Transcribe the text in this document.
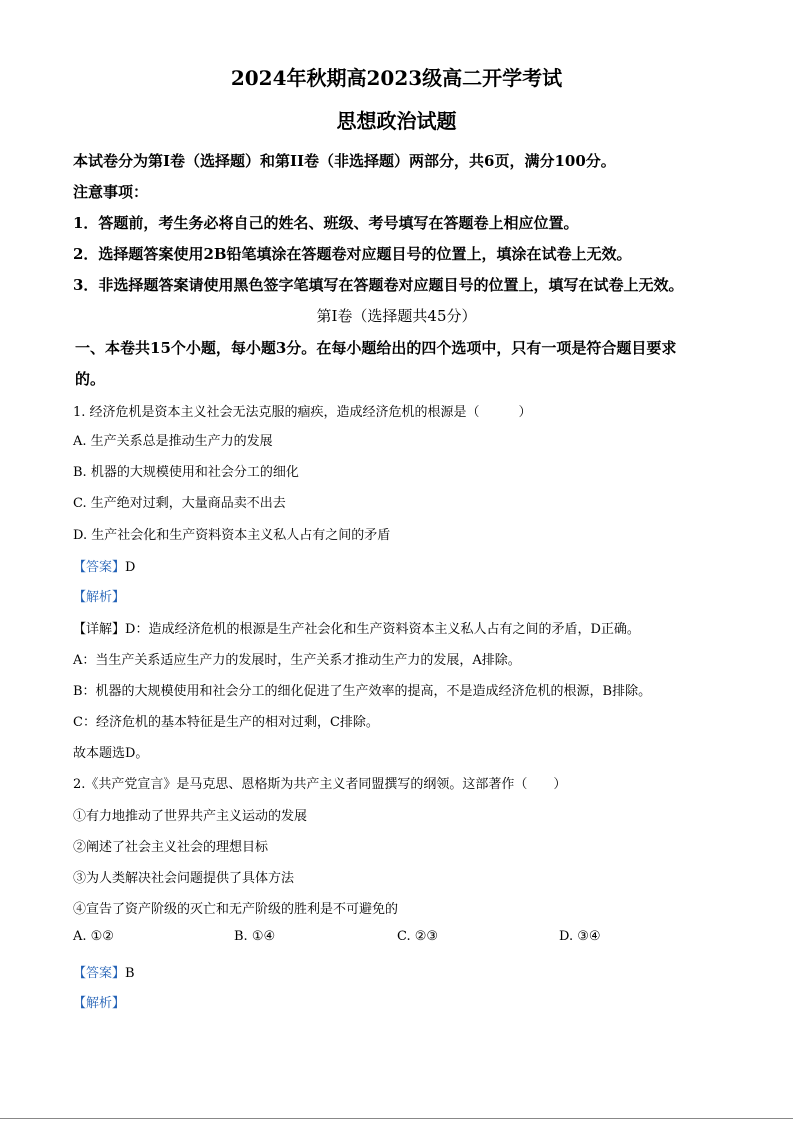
2024年秋期高2023级高二开学考试
思想政治试题
本试卷分为第Ⅰ卷（选择题）和第II卷（非选择题）两部分，共6页，满分100分。
注意事项：
1．答题前，考生务必将自己的姓名、班级、考号填写在答题卷上相应位置。
2．选择题答案使用2B铅笔填涂在答题卷对应题目号的位置上，填涂在试卷上无效。
3．非选择题答案请使用黑色签字笔填写在答题卷对应题目号的位置上，填写在试卷上无效。
第Ⅰ卷（选择题共45分）
一、本卷共15个小题，每小题3分。在每小题给出的四个选项中，只有一项是符合题目要求
的。
1. 经济危机是资本主义社会无法克服的痼疾，造成经济危机的根源是（　　　）
A. 生产关系总是推动生产力的发展
B. 机器的大规模使用和社会分工的细化
C. 生产绝对过剩，大量商品卖不出去
D. 生产社会化和生产资料资本主义私人占有之间的矛盾
【答案】D
【解析】
【详解】D：造成经济危机的根源是生产社会化和生产资料资本主义私人占有之间的矛盾，D正确。
A：当生产关系适应生产力的发展时，生产关系才推动生产力的发展，A排除。
B：机器的大规模使用和社会分工的细化促进了生产效率的提高，不是造成经济危机的根源，B排除。
C：经济危机的基本特征是生产的相对过剩，C排除。
故本题选D。
2.《共产党宣言》是马克思、恩格斯为共产主义者同盟撰写的纲领。这部著作（　　）
①有力地推动了世界共产主义运动的发展
②阐述了社会主义社会的理想目标
③为人类解决社会问题提供了具体方法
④宣告了资产阶级的灭亡和无产阶级的胜利是不可避免的
A. ①②	B. ①④	C. ②③	D. ③④
【答案】B
【解析】
